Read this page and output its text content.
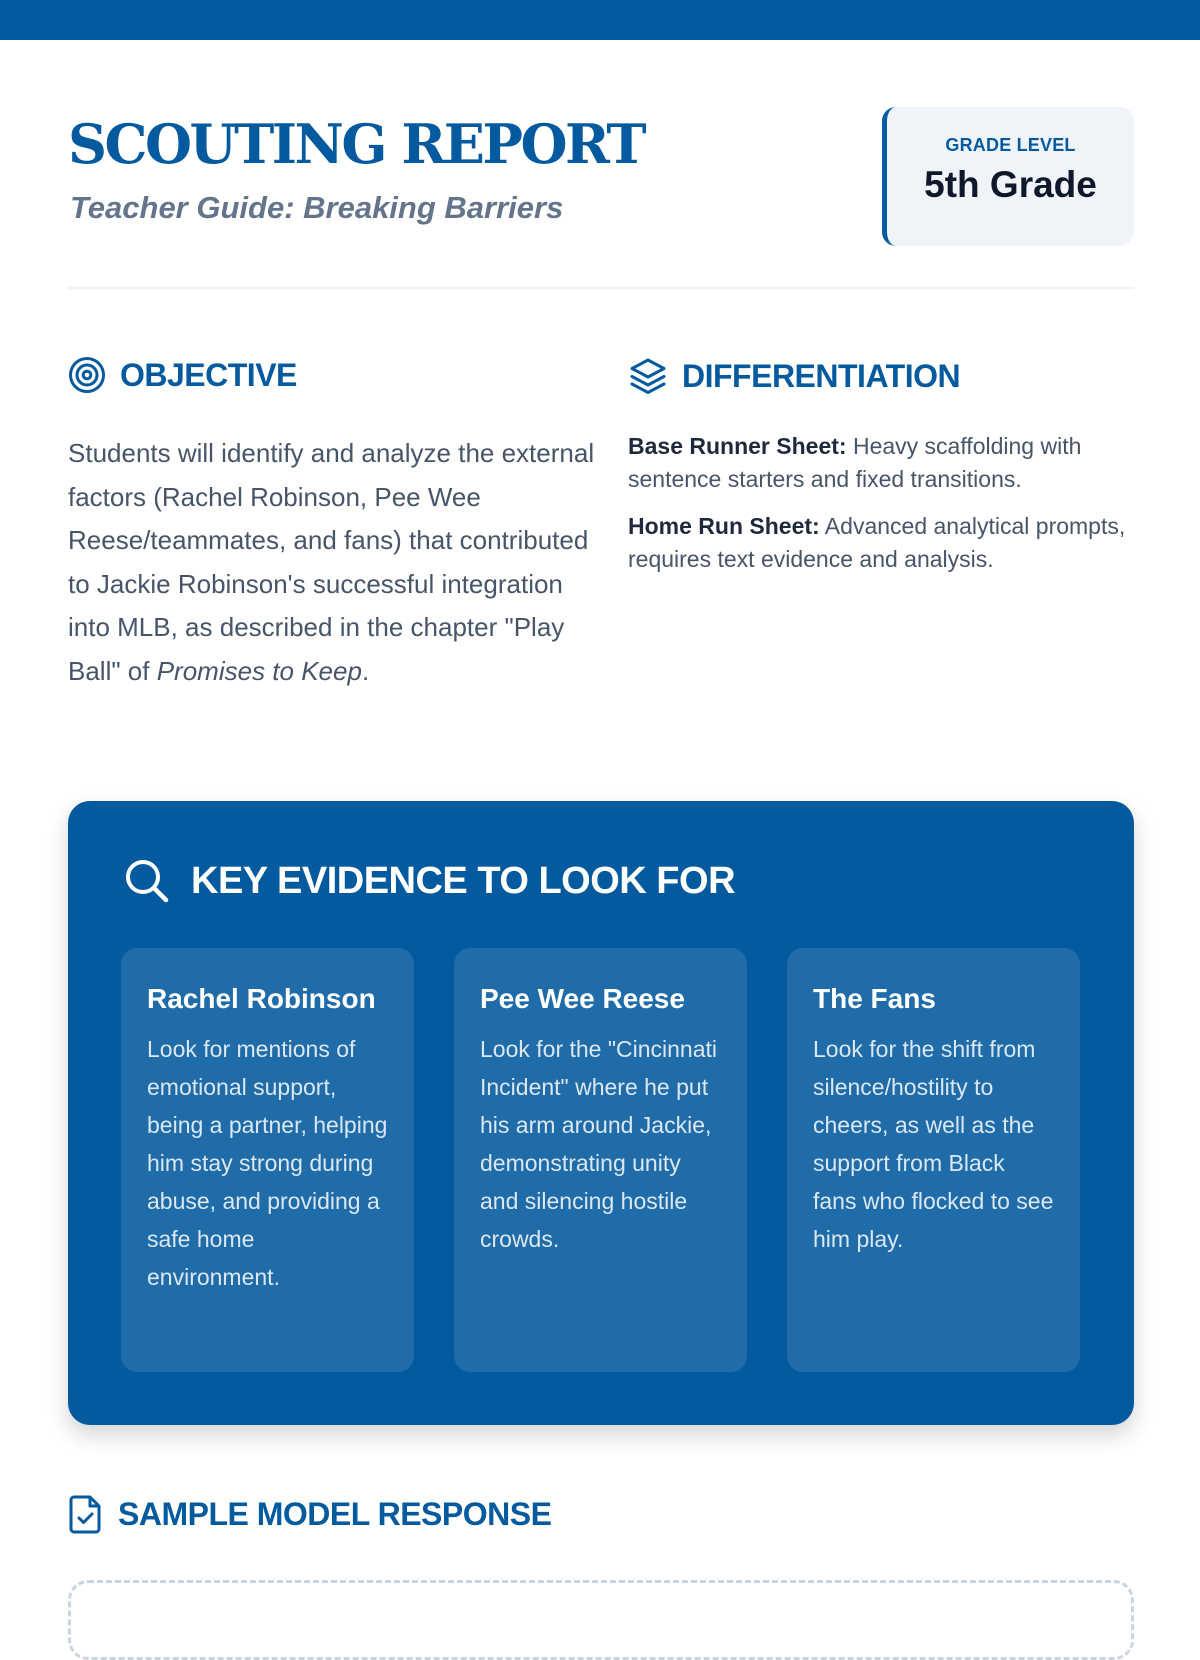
SCOUTING REPORT
Teacher Guide: Breaking Barriers
GRADE LEVEL
5th Grade
OBJECTIVE

Students will identify and analyze the external factors (Rachel Robinson, Pee Wee Reese/teammates, and fans) that contributed to Jackie Robinson's successful integration into MLB, as described in the chapter "Play Ball" of Promises to Keep.

DIFFERENTIATION

Base Runner Sheet: Heavy scaffolding with sentence starters and fixed transitions.

Home Run Sheet: Advanced analytical prompts, requires text evidence and analysis.

KEY EVIDENCE TO LOOK FOR
Rachel Robinson
Look for mentions of emotional support, being a partner, helping him stay strong during abuse, and providing a safe home environment.
Pee Wee Reese
Look for the "Cincinnati Incident" where he put his arm around Jackie, demonstrating unity and silencing hostile crowds.
The Fans
Look for the shift from silence/hostility to cheers, as well as the support from Black fans who flocked to see him play.
SAMPLE MODEL RESPONSE
